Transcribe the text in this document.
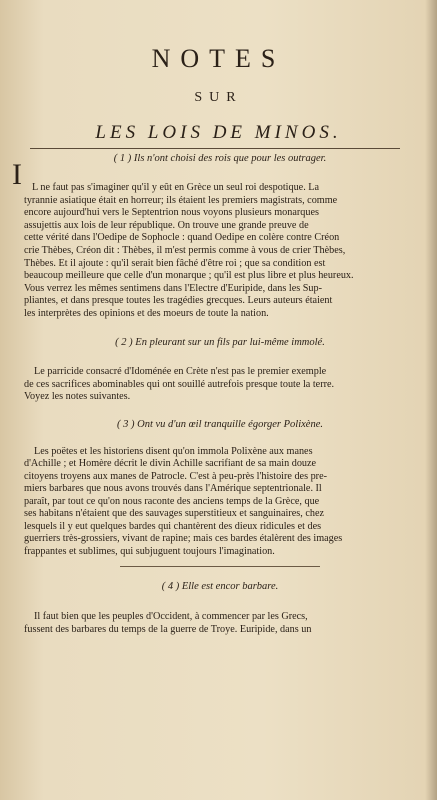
NOTES
SUR
LES LOIS DE MINOS.
( 1 ) Ils n'ont choisi des rois que pour les outrager.
I L ne faut pas s'imaginer qu'il y eût en Grèce un seul roi despotique. La
tyrannie asiatique était en horreur; ils étaient les premiers magistrats, comme
encore aujourd'hui vers le Septentrion nous voyons plusieurs monarques
assujettis aux lois de leur république. On trouve une grande preuve de
cette vérité dans l'Oedipe de Sophocle : quand Oedipe en colère contre Créon
crie Thèbes, Créon dit : Thèbes, il m'est permis comme à vous de crier Thèbes,
Thèbes. Et il ajoute : qu'il serait bien fâché d'être roi ; que sa condition est
beaucoup meilleure que celle d'un monarque ; qu'il est plus libre et plus heureux.
Vous verrez les mêmes sentimens dans l'Electre d'Euripide, dans les Sup-
pliantes, et dans presque toutes les tragédies grecques. Leurs auteurs étaient
les interprètes des opinions et des moeurs de toute la nation.
( 2 ) En pleurant sur un fils par lui-même immolé.
Le parricide consacré d'Idoménée en Crète n'est pas le premier exemple
de ces sacrifices abominables qui ont souillé autrefois presque toute la terre.
Voyez les notes suivantes.
( 3 ) Ont vu d'un œil tranquille égorger Polixène.
Les poëtes et les historiens disent qu'on immola Polixène aux manes
d'Achille ; et Homère décrit le divin Achille sacrifiant de sa main douze
citoyens troyens aux manes de Patrocle. C'est à peu-près l'histoire des pre-
miers barbares que nous avons trouvés dans l'Amérique septentrionale. Il
paraît, par tout ce qu'on nous raconte des anciens temps de la Grèce, que
ses habitans n'étaient que des sauvages superstitieux et sanguinaires, chez
lesquels il y eut quelques bardes qui chantèrent des dieux ridicules et des
guerriers très-grossiers, vivant de rapine; mais ces bardes étalèrent des images
frappantes et sublimes, qui subjuguent toujours l'imagination.
( 4 ) Elle est encor barbare.
Il faut bien que les peuples d'Occident, à commencer par les Grecs,
fussent des barbares du temps de la guerre de Troye. Euripide, dans un
